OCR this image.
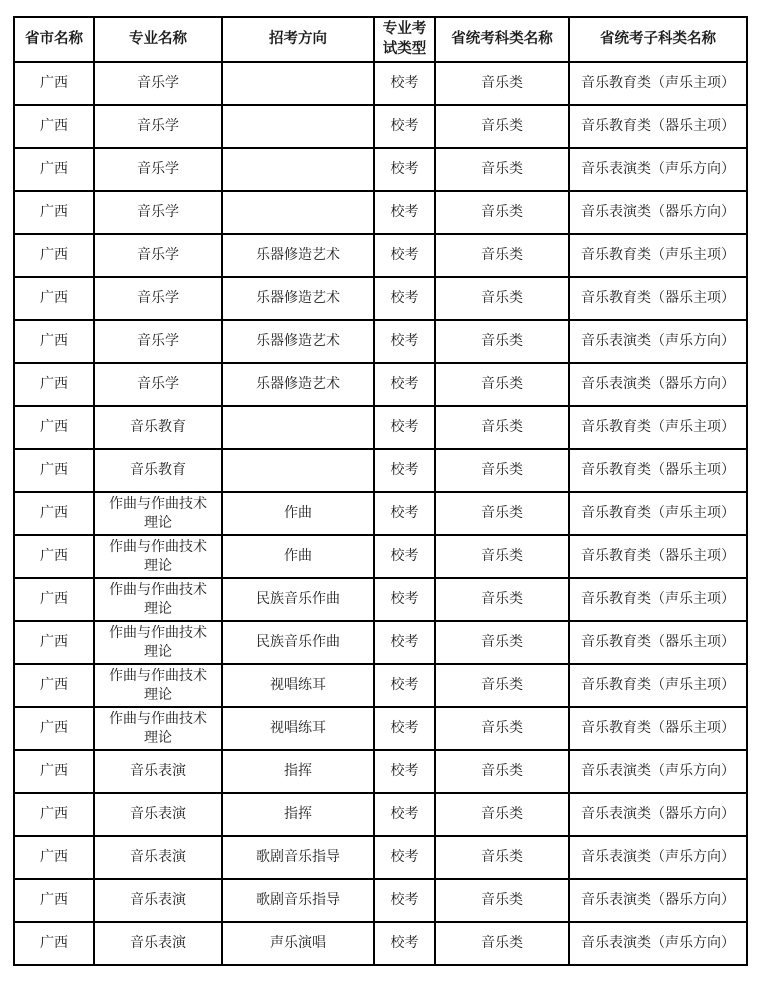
省市名称	专业名称	招考方向	专业考试类型	省统考科类名称	省统考子科类名称
广西	音乐学		校考	音乐类	音乐教育类（声乐主项）
广西	音乐学		校考	音乐类	音乐教育类（器乐主项）
广西	音乐学		校考	音乐类	音乐表演类（声乐方向）
广西	音乐学		校考	音乐类	音乐表演类（器乐方向）
广西	音乐学	乐器修造艺术	校考	音乐类	音乐教育类（声乐主项）
广西	音乐学	乐器修造艺术	校考	音乐类	音乐教育类（器乐主项）
广西	音乐学	乐器修造艺术	校考	音乐类	音乐表演类（声乐方向）
广西	音乐学	乐器修造艺术	校考	音乐类	音乐表演类（器乐方向）
广西	音乐教育		校考	音乐类	音乐教育类（声乐主项）
广西	音乐教育		校考	音乐类	音乐教育类（器乐主项）
广西	作曲与作曲技术理论	作曲	校考	音乐类	音乐教育类（声乐主项）
广西	作曲与作曲技术理论	作曲	校考	音乐类	音乐教育类（器乐主项）
广西	作曲与作曲技术理论	民族音乐作曲	校考	音乐类	音乐教育类（声乐主项）
广西	作曲与作曲技术理论	民族音乐作曲	校考	音乐类	音乐教育类（器乐主项）
广西	作曲与作曲技术理论	视唱练耳	校考	音乐类	音乐教育类（声乐主项）
广西	作曲与作曲技术理论	视唱练耳	校考	音乐类	音乐教育类（器乐主项）
广西	音乐表演	指挥	校考	音乐类	音乐表演类（声乐方向）
广西	音乐表演	指挥	校考	音乐类	音乐表演类（器乐方向）
广西	音乐表演	歌剧音乐指导	校考	音乐类	音乐表演类（声乐方向）
广西	音乐表演	歌剧音乐指导	校考	音乐类	音乐表演类（器乐方向）
广西	音乐表演	声乐演唱	校考	音乐类	音乐表演类（声乐方向）
